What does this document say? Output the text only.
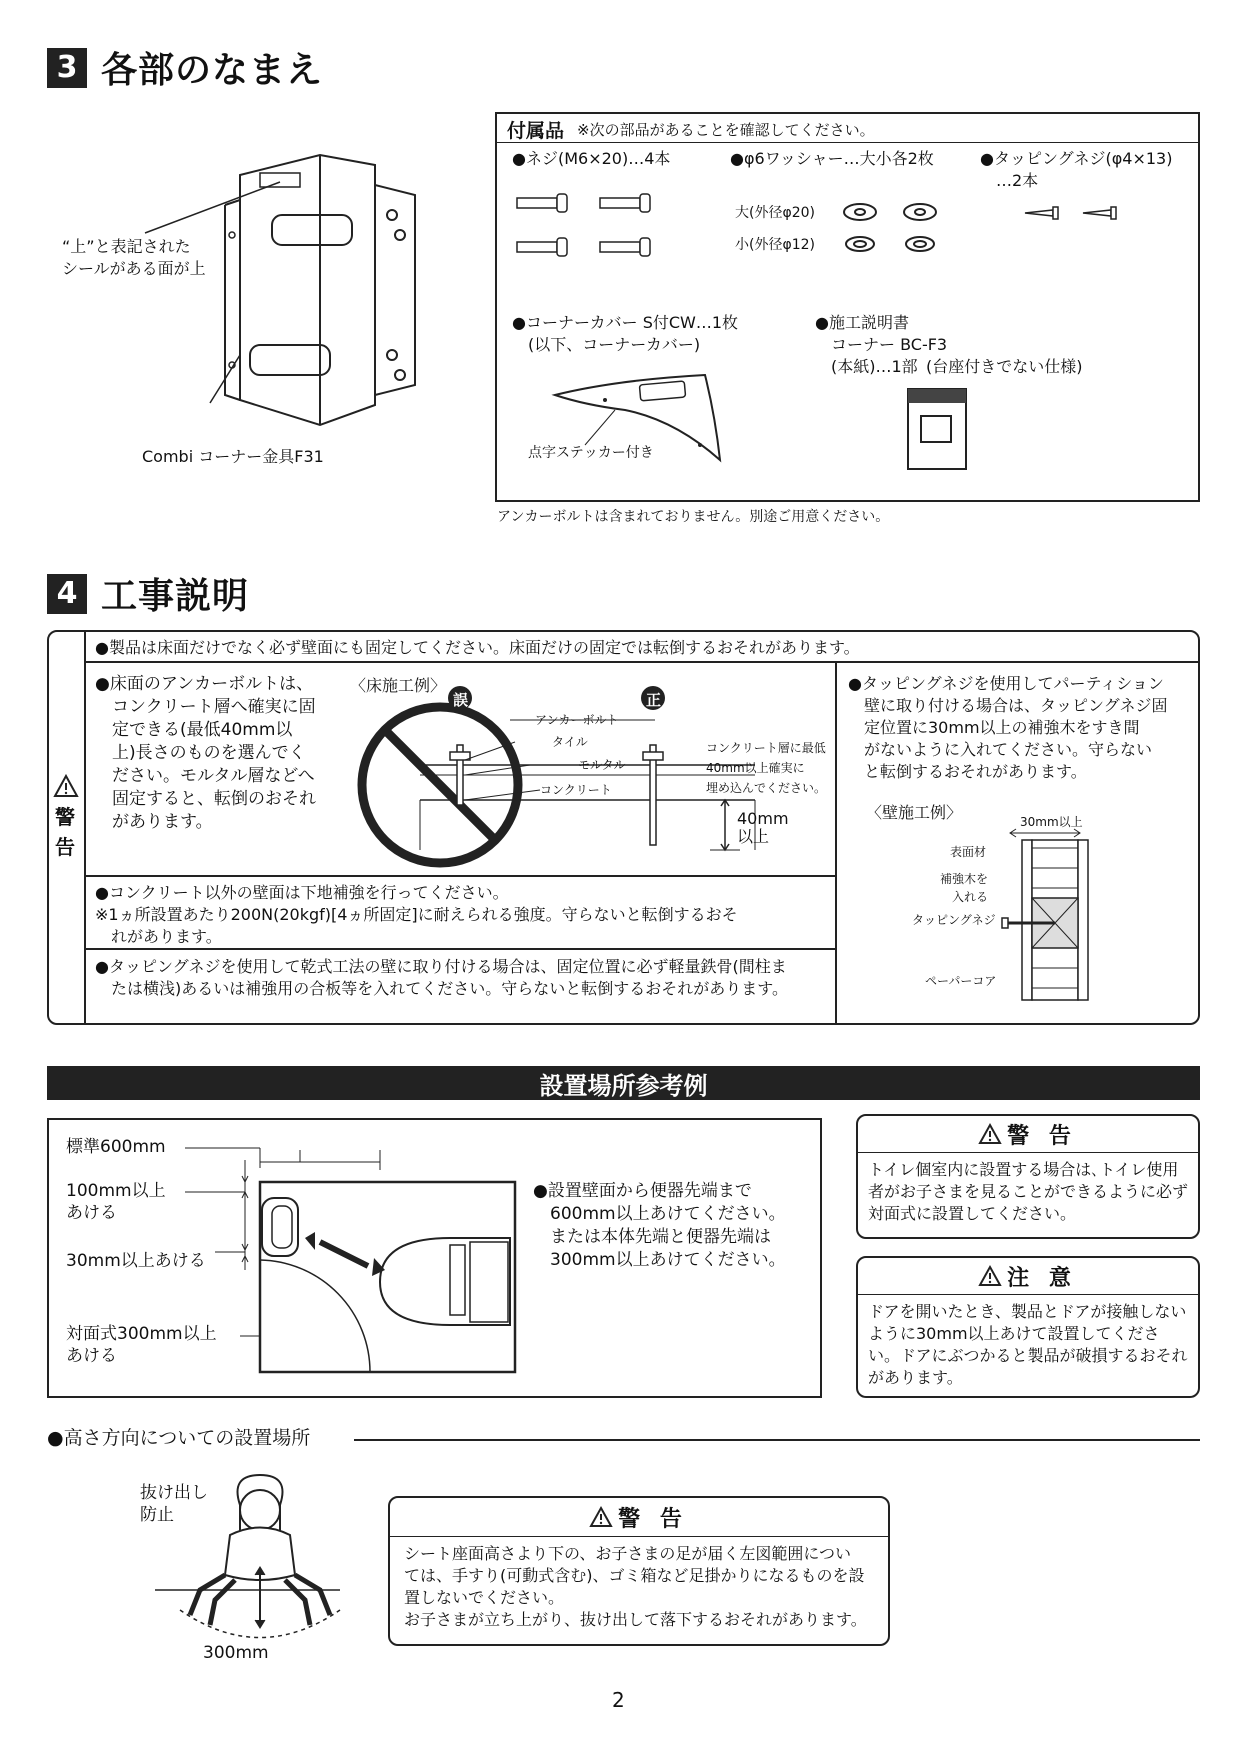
3 各部のなまえ
“上”と表記された
シールがある面が上
Combi コーナー金具F31
付属品 ※次の部品があることを確認してください。
●ネジ(M6×20)…4本	●φ6ワッシャー…大小各2枚	●タッピングネジ(φ4×13)
　…2本
大(外径φ20)
小(外径φ12)
●コーナーカバー S付CW…1枚
　(以下、コーナーカバー)
点字ステッカー付き
●施工説明書
　コーナー BC-F3
　(本紙)…1部 (台座付きでない仕様)
アンカーボルトは含まれておりません。別途ご用意ください。
4 工事説明
警
告
●製品は床面だけでなく必ず壁面にも固定してください。床面だけの固定では転倒するおそれがあります。
●床面のアンカーボルトは、
　コンクリート層へ確実に固
　定できる(最低40mm以
　上)長さのものを選んでく
　ださい。モルタル層などへ
　固定すると、転倒のおそれ
　があります。
〈床施工例〉
誤	正
アンカーボルト
タイル
モルタル
コンクリート
コンクリート層に最低
40mm以上確実に
埋め込んでください。
40mm
以上
●タッピングネジを使用してパーティション
　壁に取り付ける場合は、タッピングネジ固
　定位置に30mm以上の補強木をすき間
　がないように入れてください。守らない
　と転倒するおそれがあります。
〈壁施工例〉	30mm以上
表面材
補強木を
入れる
タッピングネジ
ペーパーコア
●コンクリート以外の壁面は下地補強を行ってください。
※1ヵ所設置あたり200N(20kgf)[4ヵ所固定]に耐えられる強度。守らないと転倒するおそ
　れがあります。
●タッピングネジを使用して乾式工法の壁に取り付ける場合は、固定位置に必ず軽量鉄骨(間柱ま
　たは横浅)あるいは補強用の合板等を入れてください。守らないと転倒するおそれがあります。
設置場所参考例
標準600mm
100mm以上
あける
30mm以上あける
対面式300mm以上
あける
●設置壁面から便器先端まで
　600mm以上あけてください。
　または本体先端と便器先端は
　300mm以上あけてください。
警 告
トイレ個室内に設置する場合は､トイレ使用者がお子さまを見ることができるように必ず対面式に設置してください。
注 意
ドアを開いたとき、製品とドアが接触しないように30mm以上あけて設置してください。ドアにぶつかると製品が破損するおそれがあります。
●高さ方向についての設置場所
抜け出し
防止
300mm
警 告
シート座面高さより下の、お子さまの足が届く左図範囲につい
ては、手すり(可動式含む)、ゴミ箱など足掛かりになるものを設
置しないでください。
お子さまが立ち上がり、抜け出して落下するおそれがあります。
2
